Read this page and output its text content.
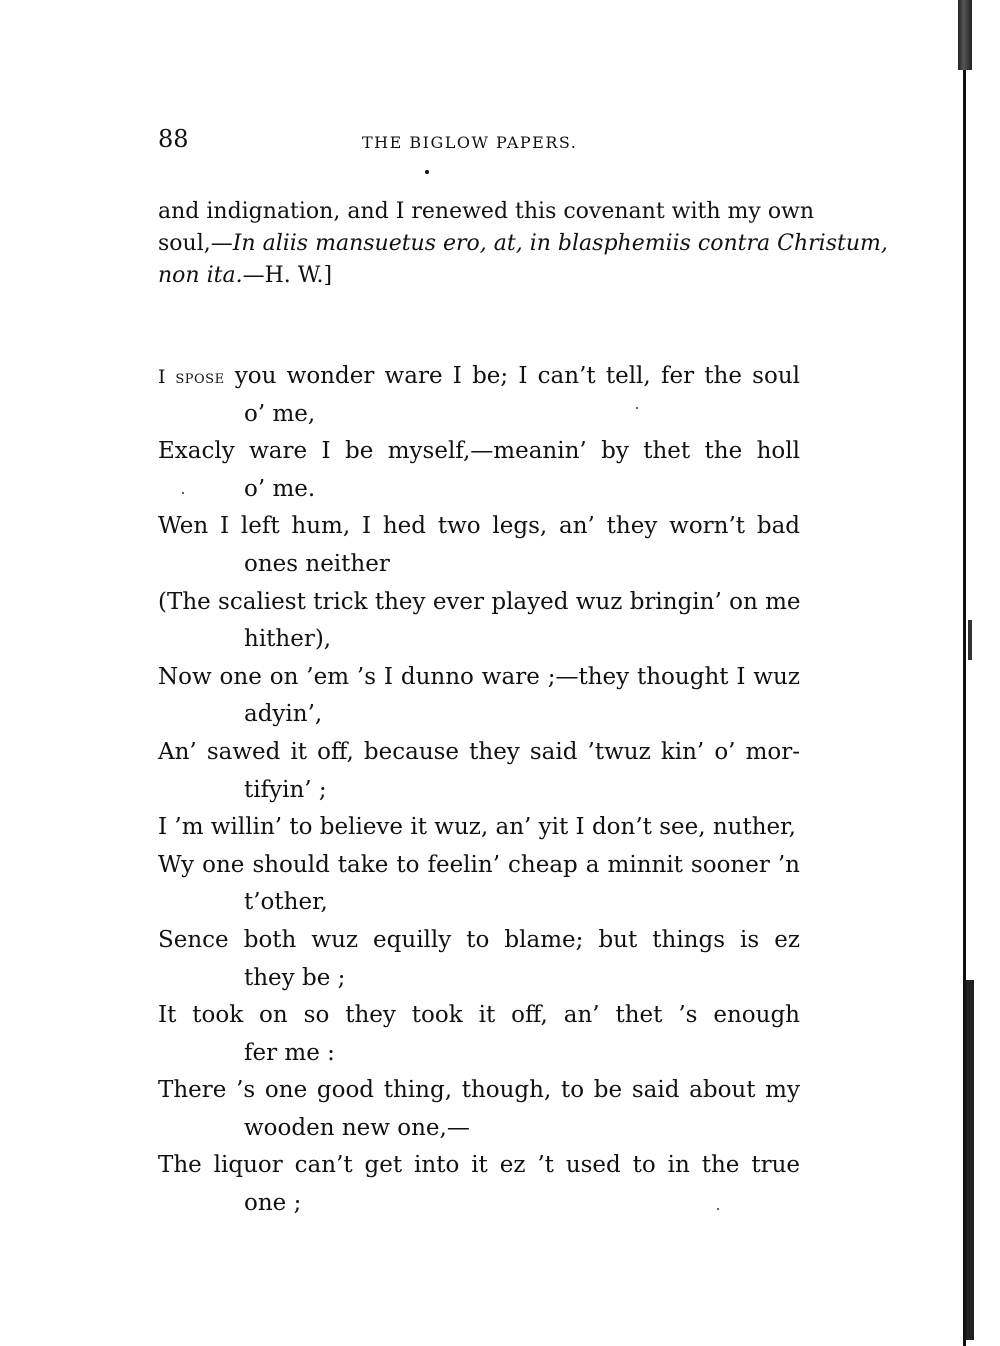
88	THE BIGLOW PAPERS.
and indignation, and I renewed this covenant with my own
soul,—In aliis mansuetus ero, at, in blasphemiis contra Christum,
non ita.—H. W.]
I spose you wonder ware I be; I can’t tell, fer the soul
o’ me,
Exacly ware I be myself,—meanin’ by thet the holl
o’ me.
Wen I left hum, I hed two legs, an’ they worn’t bad
ones neither
(The scaliest trick they ever played wuz bringin’ on me
hither),
Now one on ’em ’s I dunno ware ;—they thought I wuz
adyin’,
An’ sawed it off, because they said ’twuz kin’ o’ mor-
tifyin’ ;
I ’m willin’ to believe it wuz, an’ yit I don’t see, nuther,
Wy one should take to feelin’ cheap a minnit sooner ’n
t’other,
Sence both wuz equilly to blame; but things is ez
they be ;
It took on so they took it off, an’ thet ’s enough
fer me :
There ’s one good thing, though, to be said about my
wooden new one,—
The liquor can’t get into it ez ’t used to in the true
one ;
